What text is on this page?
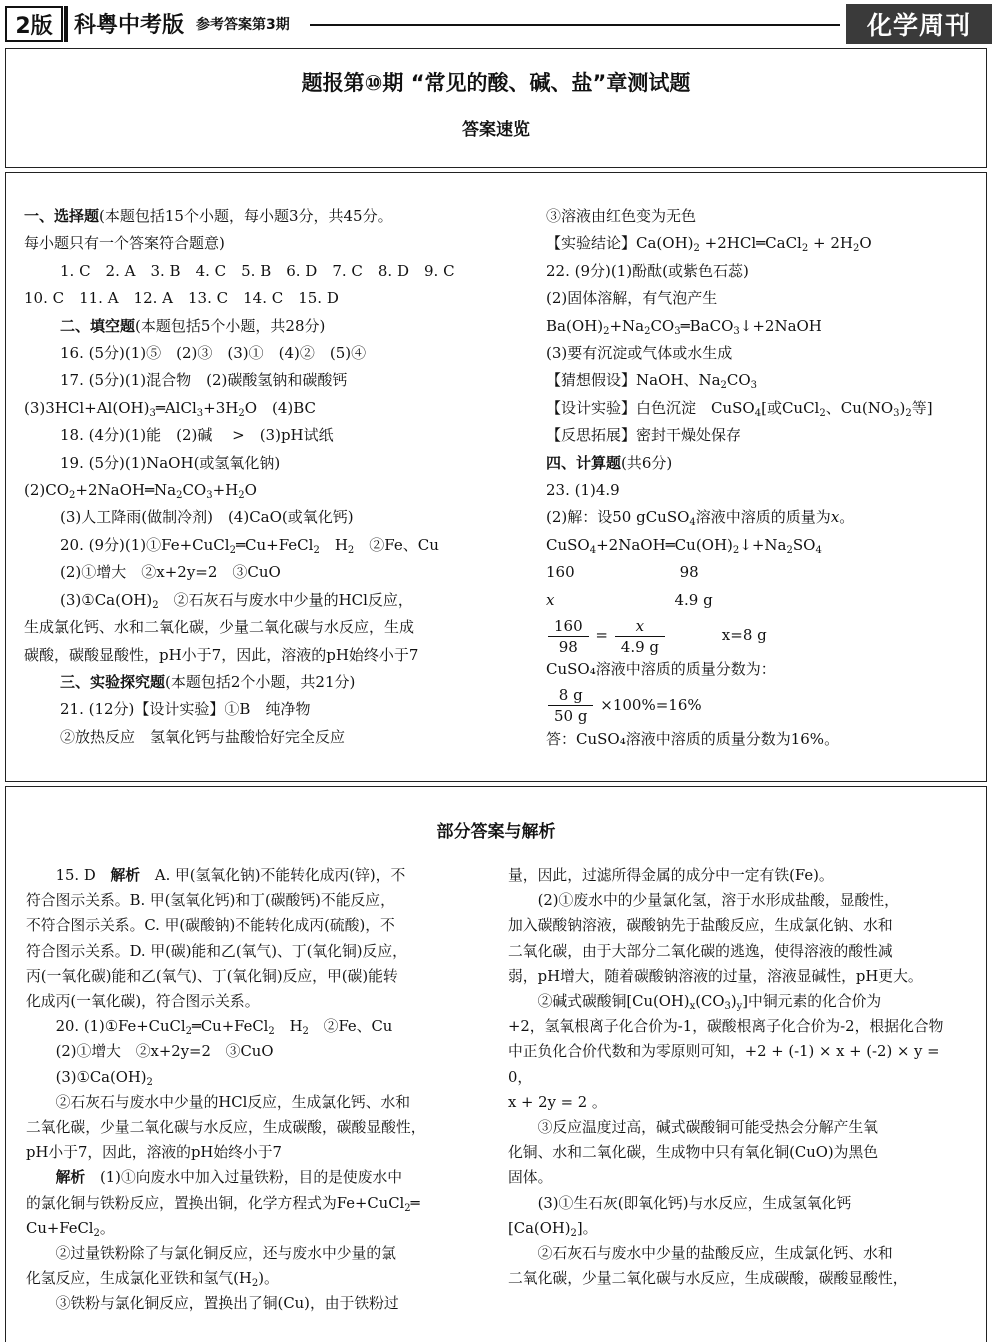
2版 科粤中考版 参考答案第3期	化学周刊
题报第⑩期 “常见的酸、碱、盐”章测试题
答案速览
一、选择题(本题包括15个小题，每小题3分，共45分。
每小题只有一个答案符合题意)
1. C　2. A　3. B　4. C　5. B　6. D　7. C　8. D　9. C
10. C　11. A　12. A　13. C　14. C　15. D
二、填空题(本题包括5个小题，共28分)
16. (5分)(1)⑤　(2)③　(3)①　(4)②　(5)④
17. (5分)(1)混合物　(2)碳酸氢钠和碳酸钙
$(3)3HCl+Al(OH)_3═AlCl_3+3H_2O$　(4)BC
18. (4分)(1)能　(2)碱　 >　(3)pH试纸
19. (5分)(1)NaOH(或氢氧化钠)
$(2)CO_2+2NaOH═Na_2CO_3+H_2O$
(3)人工降雨(做制冷剂)　(4)CaO(或氧化钙)
20. (9分)(1)①Fe+CuCl$_2$═Cu+FeCl$_2$　$H_2$　②Fe、Cu
(2)①增大　②x+2y=2　③CuO
$(3)①Ca(OH)_2$　②石灰石与废水中少量的HCl反应，
生成氯化钙、水和二氧化碳，少量二氧化碳与水反应，生成
碳酸，碳酸显酸性，pH小于7，因此，溶液的pH始终小于7
三、实验探究题(本题包括2个小题，共21分)
21. (12分)【设计实验】①B　纯净物
②放热反应　氢氧化钙与盐酸恰好完全反应
③溶液由红色变为无色
【实验结论】$Ca(OH)_2$ +2HCl═CaCl$_2$ + $2H_2O$
22. (9分)(1)酚酞(或紫色石蕊)
(2)固体溶解，有气泡产生
$Ba(OH)_2+Na_2CO_3═BaCO_3↓+2NaOH$
(3)要有沉淀或气体或水生成
【猜想假设】NaOH、$Na_2CO_3$
【设计实验】白色沉淀　CuSO$_4$[或CuCl$_2$、$Cu(NO_3)_2$等]
【反思拓展】密封干燥处保存
四、计算题(共6分)
23. (1)4.9
(2)解：设50 gCuSO$_4$溶液中溶质的质量为x。
$CuSO_4+2NaOH═Cu(OH)_2↓+Na_2SO_4$
160　　　　　　　98
x　　　　　　　　4.9 g
$\frac{160}{98} = \frac{x}{4.9 g}$	x=8 g
CuSO₄溶液中溶质的质量分数为：
$\frac{8 g}{50 g} \times 100\%=16\%$
答：CuSO₄溶液中溶质的质量分数为16%。
部分答案与解析
15. D　解析　A. 甲(氢氧化钠)不能转化成丙(锌)，不
符合图示关系。B. 甲(氢氧化钙)和丁(碳酸钙)不能反应，
不符合图示关系。C. 甲(碳酸钠)不能转化成丙(硫酸)，不
符合图示关系。D. 甲(碳)能和乙(氧气)、丁(氧化铜)反应，
丙(一氧化碳)能和乙(氧气)、丁(氧化铜)反应，甲(碳)能转
化成丙(一氧化碳)，符合图示关系。
20. (1)①Fe+CuCl$_2$═Cu+FeCl$_2$　$H_2$　②Fe、Cu
(2)①增大　②x+2y=2　③CuO
$(3)①Ca(OH)_2$
②石灰石与废水中少量的HCl反应，生成氯化钙、水和
二氧化碳，少量二氧化碳与水反应，生成碳酸，碳酸显酸性，
pH小于7，因此，溶液的pH始终小于7
解析　(1)①向废水中加入过量铁粉，目的是使废水中
的氯化铜与铁粉反应，置换出铜，化学方程式为Fe+CuCl$_2$═
Cu+FeCl$_2$。
②过量铁粉除了与氯化铜反应，还与废水中少量的氯
化氢反应，生成氯化亚铁和氢气$(H_2)$。
③铁粉与氯化铜反应，置换出了铜(Cu)，由于铁粉过
量，因此，过滤所得金属的成分中一定有铁(Fe)。
(2)①废水中的少量氯化氢，溶于水形成盐酸，显酸性，
加入碳酸钠溶液，碳酸钠先于盐酸反应，生成氯化钠、水和
二氧化碳，由于大部分二氧化碳的逃逸，使得溶液的酸性减
弱，pH增大，随着碳酸钠溶液的过量，溶液显碱性，pH更大。
②碱式碳酸铜$[Cu(OH)_x(CO_3)_y]$中铜元素的化合价为
+2，氢氧根离子化合价为-1，碳酸根离子化合价为-2，根据化合物
中正负化合价代数和为零原则可知，+2 + (-1) × x + (-2) × y =
0，
x + 2y = 2 。
③反应温度过高，碱式碳酸铜可能受热会分解产生氧
化铜、水和二氧化碳，生成物中只有氧化铜(CuO)为黑色
固体。
(3)①生石灰(即氧化钙)与水反应，生成氢氧化钙
$[Ca(OH)_2]$。
②石灰石与废水中少量的盐酸反应，生成氯化钙、水和
二氧化碳，少量二氧化碳与水反应，生成碳酸，碳酸显酸性，
